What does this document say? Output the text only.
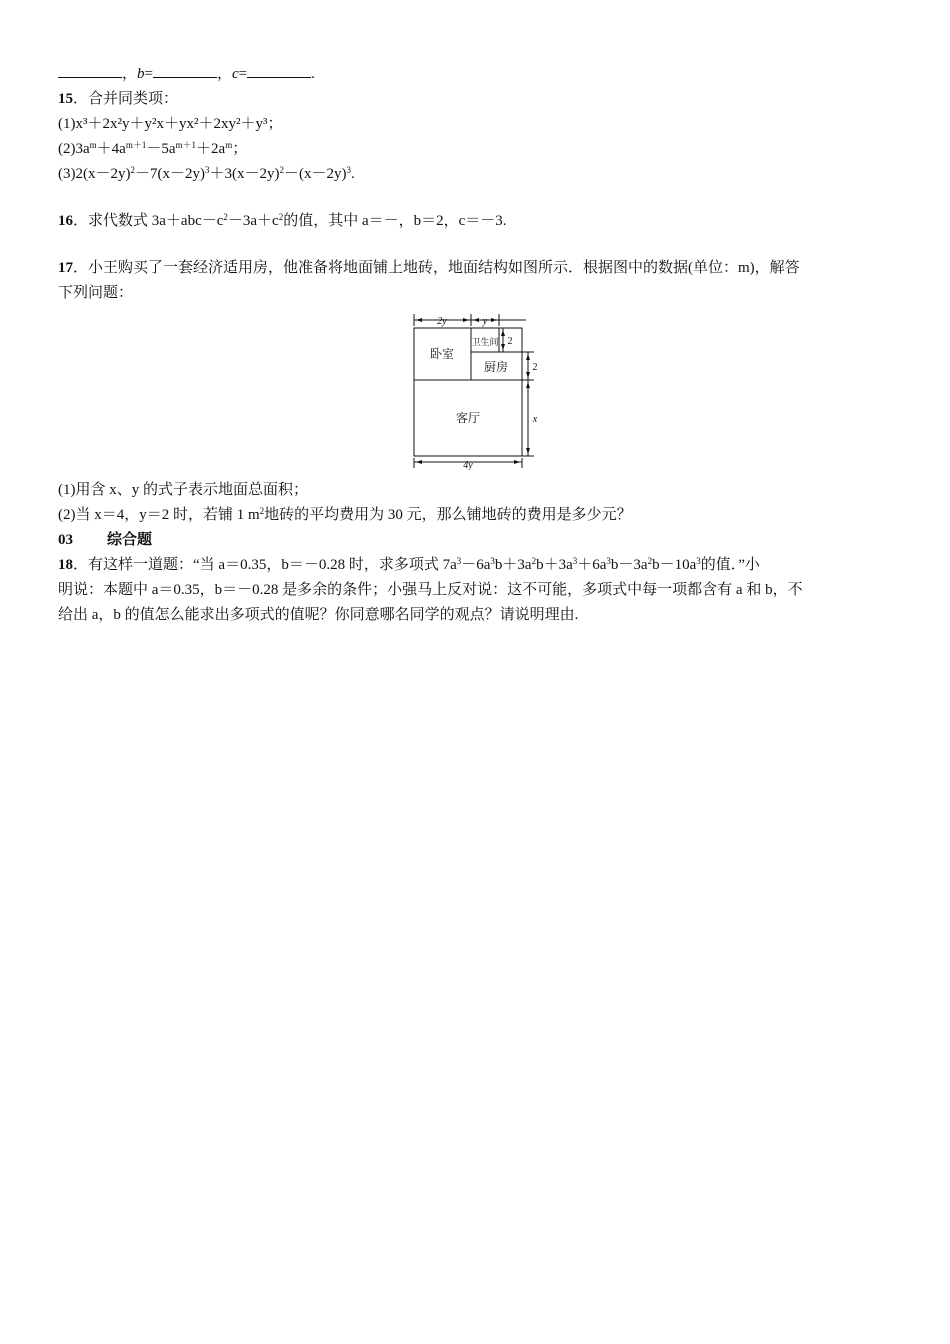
，b=	，c=	.
15．合并同类项：
(1)x³＋2x²y＋y²x＋yx²＋2xy²＋y³；
$(2)3a^m+4a^{m+1}-5a^{m+1}+2a^m$；
$(3)2(x-2y)^2-7(x-2y)^3+3(x-2y)^2-(x-2y)^3$.
16．求代数式 $3a+abc-c^2-3a+c^2$的值，其中 a＝－，b＝2，c＝－3.
17．小王购买了一套经济适用房，他准备将地面铺上地砖，地面结构如图所示．根据图中的数据(单位：m)，解答
下列问题：
2y	y
4y
2
2
x
卧室
卫生间
厨房
客厅
(1)用含 x、y 的式子表示地面总面积；
(2)当 x＝4，y＝2 时，若铺 1 $m^2$地砖的平均费用为 30 元，那么铺地砖的费用是多少元？
03 综合题
18．有这样一道题：“当 a＝0.35，b＝－0.28 时，求多项式 $7a^3-6a^3b+3a^2b+3a^3+6a^3b-3a^2b-10a^3$的值．”小
明说：本题中 a＝0.35，b＝－0.28 是多余的条件；小强马上反对说：这不可能，多项式中每一项都含有 a 和 b，不
给出 a，b 的值怎么能求出多项式的值呢？你同意哪名同学的观点？请说明理由.
